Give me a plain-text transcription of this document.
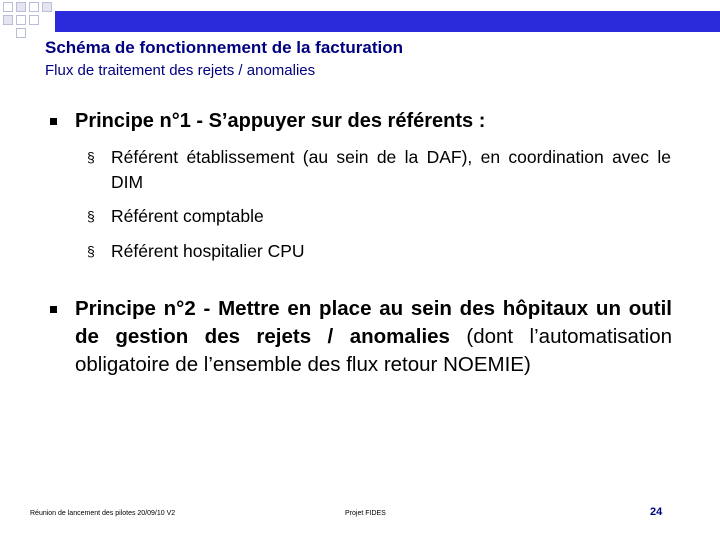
Schéma de fonctionnement de la facturation

Flux de traitement des rejets / anomalies

Principe n°1 - S’appuyer sur des référents :
§ Référent établissement (au sein de la DAF), en coordination avec le DIM
§ Référent comptable
§ Référent hospitalier CPU
Principe n°2 - Mettre en place au sein des hôpitaux un outil de gestion des rejets / anomalies (dont l’automatisation obligatoire de l’ensemble des flux retour NOEMIE)
Réunion de lancement des pilotes 20/09/10 V2	Projet FIDES	24
